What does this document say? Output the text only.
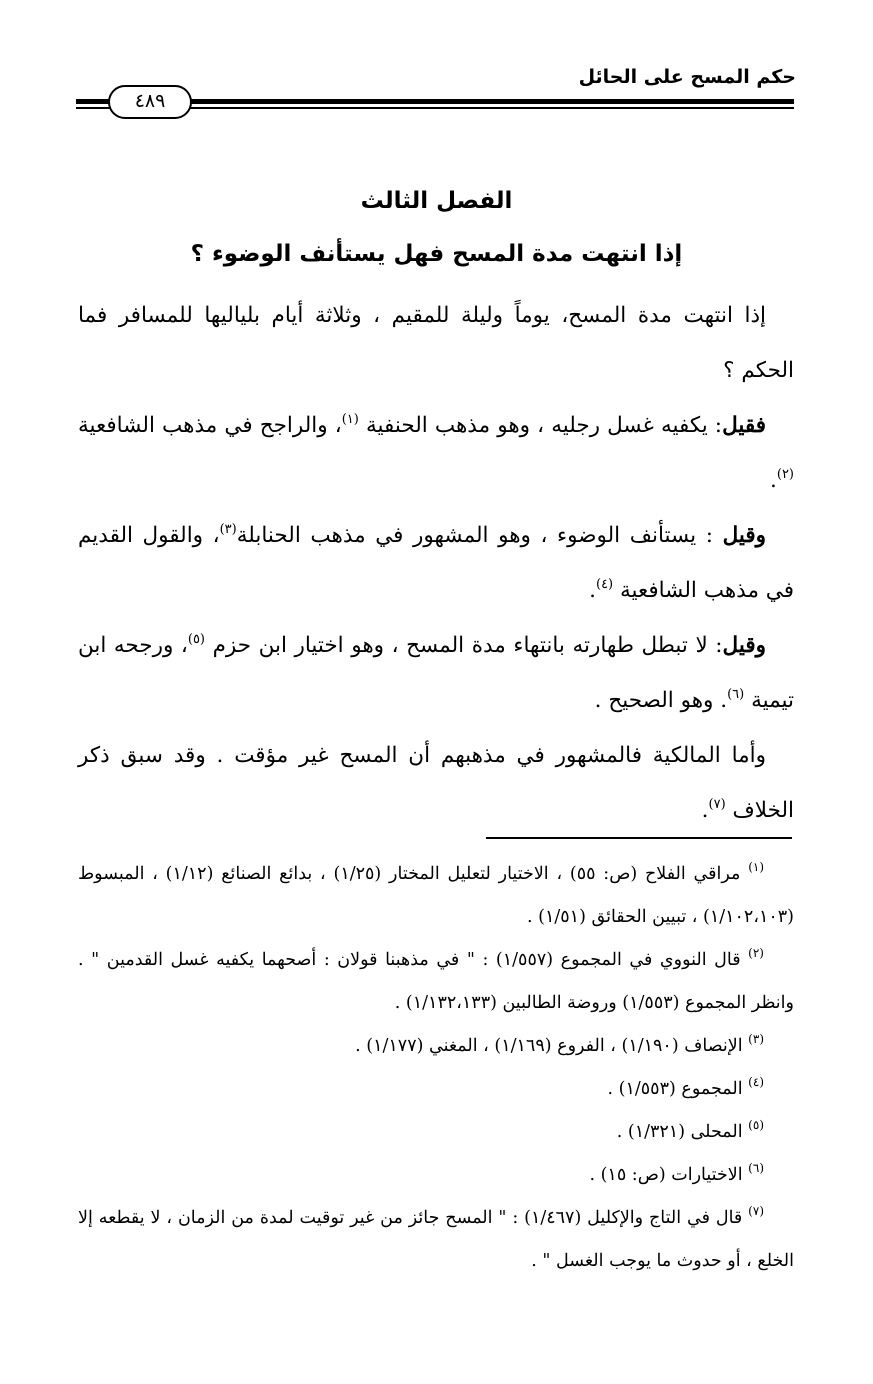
حكم المسح على الحائل
٤٨٩
الفصل الثالث
إذا انتهت مدة المسح فهل يستأنف الوضوء ؟

إذا انتهت مدة المسح، يوماً وليلة للمقيم ، وثلاثة أيام بلياليها للمسافر فما الحكم ؟

فقيل: يكفيه غسل رجليه ، وهو مذهب الحنفية $^{(١)}$، والراجح في مذهب الشافعية $^{(٢)}$.

وقيل : يستأنف الوضوء ، وهو المشهور في مذهب الحنابلة$^{(٣)}$، والقول القديم في مذهب الشافعية $^{(٤)}$.

وقيل: لا تبطل طهارته بانتهاء مدة المسح ، وهو اختيار ابن حزم $^{(٥)}$، ورجحه ابن تيمية $^{(٦)}$. وهو الصحيح .

وأما المالكية فالمشهور في مذهبهم أن المسح غير مؤقت . وقد سبق ذكر الخلاف $^{(٧)}$.

$^{(١)}$ مراقي الفلاح (ص: ٥٥) ، الاختيار لتعليل المختار (١/٢٥) ، بدائع الصنائع (١/١٢) ، المبسوط (١/١٠٢،١٠٣) ، تبيين الحقائق (١/٥١) .

$^{(٢)}$ قال النووي في المجموع (١/٥٥٧) : " في مذهبنا قولان : أصحهما يكفيه غسل القدمين " . وانظر المجموع (١/٥٥٣) وروضة الطالبين (١/١٣٢،١٣٣) .

$^{(٣)}$ الإنصاف (١/١٩٠) ، الفروع (١/١٦٩) ، المغني (١/١٧٧) .

$^{(٤)}$ المجموع (١/٥٥٣) .

$^{(٥)}$ المحلى (١/٣٢١) .

$^{(٦)}$ الاختيارات (ص: ١٥) .

$^{(٧)}$ قال في التاج والإكليل (١/٤٦٧) : " المسح جائز من غير توقيت لمدة من الزمان ، لا يقطعه إلا الخلع ، أو حدوث ما يوجب الغسل " .
